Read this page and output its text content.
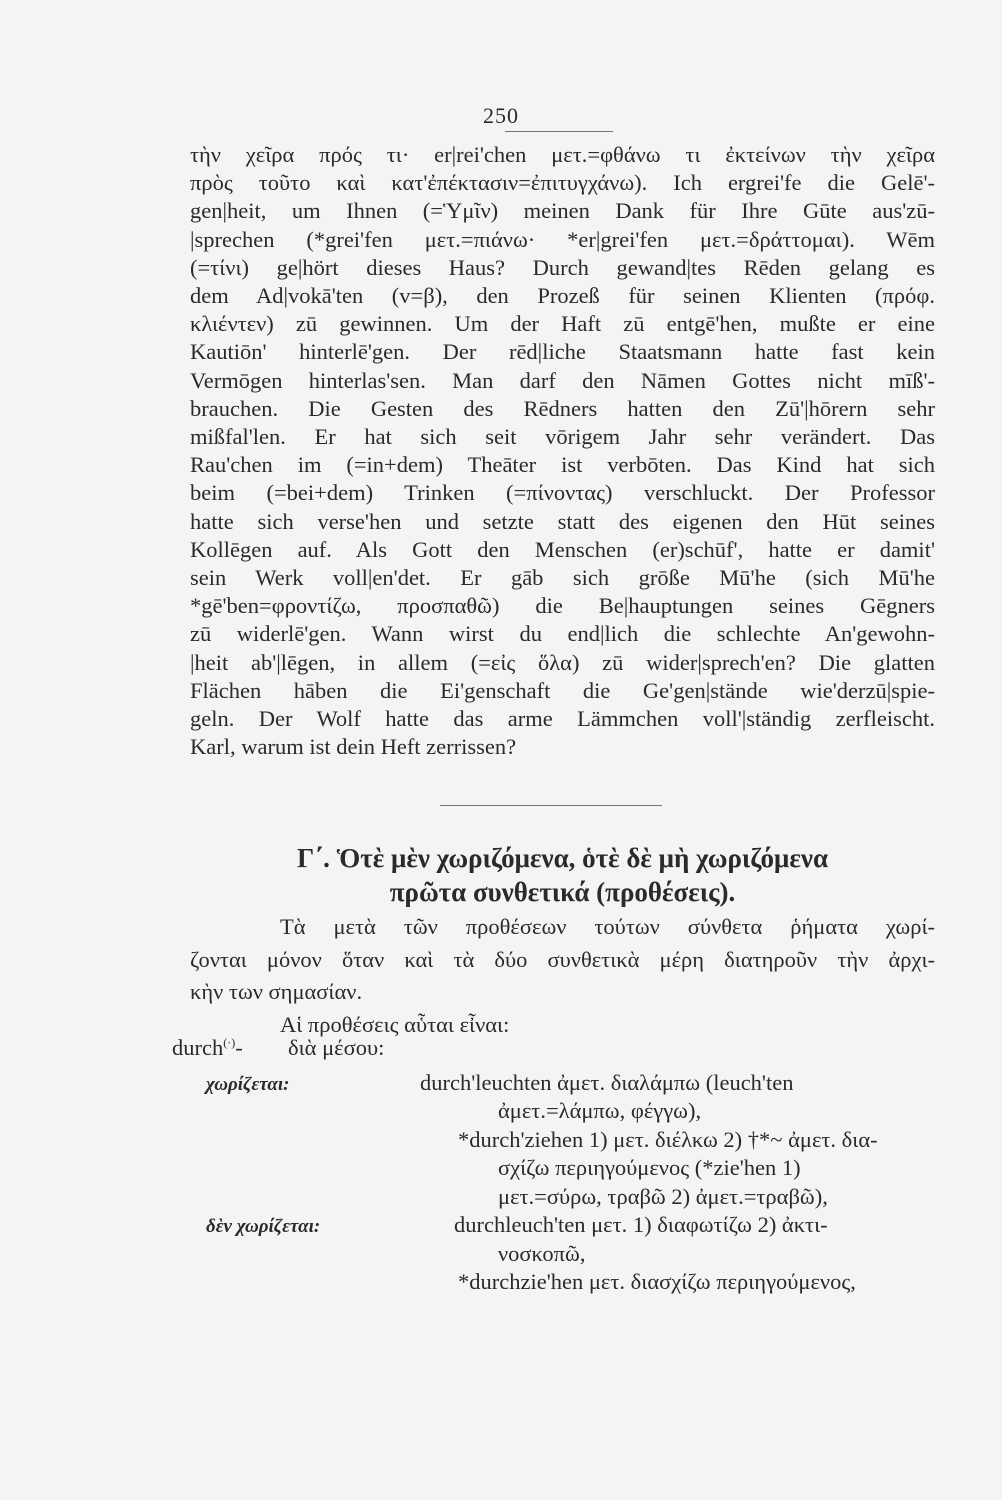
250
τὴν χεῖρα πρός τι· er|rei'chen μετ.=φθάνω τι ἐκτείνων τὴν χεῖρα
πρὸς τοῦτο καὶ κατ'ἐπέκτασιν=ἐπιτυγχάνω). Ich ergrei'fe die Gelē'-
gen|heit, um Ihnen (=Ὑμῖν) meinen Dank für Ihre Gūte aus'zū-
|sprechen (*grei'fen μετ.=πιάνω· *er|grei'fen μετ.=δράττομαι). Wēm
(=τίνι) ge|hört dieses Haus? Durch gewand|tes Rēden gelang es
dem Ad|vokā'ten (v=β), den Prozeß für seinen Klienten (πρόφ.
κλιέντεν) zū gewinnen. Um der Haft zū entgē'hen, mußte er eine
Kautiōn' hinterlē'gen. Der rēd|liche Staatsmann hatte fast kein
Vermōgen hinterlas'sen. Man darf den Nāmen Gottes nicht mīß'-
brauchen. Die Gesten des Rēdners hatten den Zū'|hōrern sehr
mißfal'len. Er hat sich seit vōrigem Jahr sehr verändert. Das
Rau'chen im (=in+dem) Theāter ist verbōten. Das Kind hat sich
beim (=bei+dem) Trinken (=πίνοντας) verschluckt. Der Professor
hatte sich verse'hen und setzte statt des eigenen den Hūt seines
Kollēgen auf. Als Gott den Menschen (er)schūf', hatte er damit'
sein Werk voll|en'det. Er gāb sich grōße Mū'he (sich Mū'he
*gē'ben=φροντίζω, προσπαθῶ) die Be|hauptungen seines Gēgners
zū widerlē'gen. Wann wirst du end|lich die schlechte An'gewohn-
|heit ab'|lēgen, in allem (=εἰς ὅλα) zū wider|sprech'en? Die glatten
Flächen hāben die Ei'genschaft die Ge'gen|stände wie'derzū|spie-
geln. Der Wolf hatte das arme Lämmchen voll'|ständig zerfleischt.
Karl, warum ist dein Heft zerrissen?
Γ΄. Ὁτὲ μὲν χωριζόμενα, ὁτὲ δὲ μὴ χωριζόμενα
πρῶτα συνθετικά (προθέσεις).
Τὰ μετὰ τῶν προθέσεων τούτων σύνθετα ῥήματα χωρί-
ζονται μόνον ὅταν καὶ τὰ δύο συνθετικὰ μέρη διατηροῦν τὴν ἀρχι-
κὴν των σημασίαν.
Αἱ προθέσεις αὗται εἶναι:
durch(·)- διὰ μέσου:
χωρίζεται:	durch'leuchten ἀμετ. διαλάμπω (leuch'ten
ἀμετ.=λάμπω, φέγγω),
*durch'ziehen 1) μετ. διέλκω 2) †*~ ἀμετ. δια-
σχίζω περιηγούμενος (*zie'hen 1)
μετ.=σύρω, τραβῶ 2) ἀμετ.=τραβῶ),
δὲν χωρίζεται:	durchleuch'ten μετ. 1) διαφωτίζω 2) ἀκτι-
νοσκοπῶ,
*durchzie'hen μετ. διασχίζω περιηγούμενος,
